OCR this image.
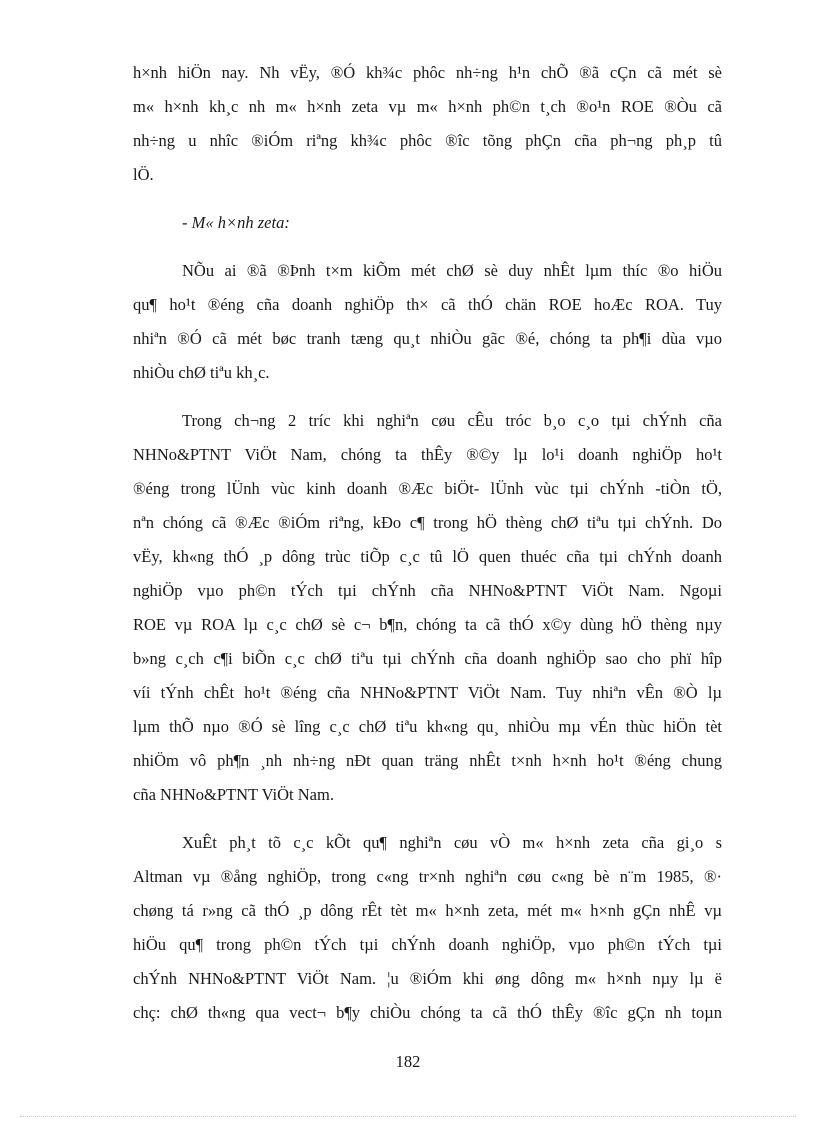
h×nh hiÖn nay. Nh vËy, ®Ó kh¾c phôc nh÷ng h¹n chÕ ®ã cÇn cã mét sè
m« h×nh kh¸c nh m« h×nh zeta vµ m« h×nh ph©n t¸ch ®o¹n ROE ®Òu cã
nh÷ng u nhîc ®iÓm riªng kh¾c phôc ®îc tõng phÇn cña ph¬ng ph¸p tû
lÖ.
- M« h×nh zeta:
NÕu ai ®ã ®Þnh t×m kiÕm mét chØ sè duy nhÊt lµm thíc ®o hiÖu
qu¶ ho¹t ®éng cña doanh nghiÖp th× cã thÓ chän ROE hoÆc ROA. Tuy
nhiªn ®Ó cã mét bøc tranh tæng qu¸t nhiÒu gãc ®é, chóng ta ph¶i dùa vµo
nhiÒu chØ tiªu kh¸c.
Trong ch¬ng 2 tríc khi nghiªn cøu cÊu tróc b¸o c¸o tµi chÝnh cña
NHNo&PTNT ViÖt Nam, chóng ta thÊy ®©y lµ lo¹i doanh nghiÖp ho¹t
®éng trong lÜnh vùc kinh doanh ®Æc biÖt- lÜnh vùc tµi chÝnh -tiÒn tÖ,
nªn chóng cã ®Æc ®iÓm riªng, kÐo c¶ trong hÖ thèng chØ tiªu tµi chÝnh. Do
vËy, kh«ng thÓ ¸p dông trùc tiÕp c¸c tû lÖ quen thuéc cña tµi chÝnh doanh
nghiÖp vµo ph©n tÝch tµi chÝnh cña NHNo&PTNT ViÖt Nam. Ngoµi
ROE vµ ROA lµ c¸c chØ sè c¬ b¶n, chóng ta cã thÓ x©y dùng hÖ thèng nµy
b»ng c¸ch c¶i biÕn c¸c chØ tiªu tµi chÝnh cña doanh nghiÖp sao cho phï hîp
víi tÝnh chÊt ho¹t ®éng cña NHNo&PTNT ViÖt Nam. Tuy nhiªn vÊn ®Ò lµ
lµm thÕ nµo ®Ó sè lîng c¸c chØ tiªu kh«ng qu¸ nhiÒu mµ vÉn thùc hiÖn tèt
nhiÖm vô ph¶n ¸nh nh÷ng nÐt quan träng nhÊt t×nh h×nh ho¹t ®éng chung
cña NHNo&PTNT ViÖt Nam.
XuÊt ph¸t tõ c¸c kÕt qu¶ nghiªn cøu vÒ m« h×nh zeta cña gi¸o s
Altman vµ ®ång nghiÖp, trong c«ng tr×nh nghiªn cøu c«ng bè n¨m 1985, ®·
chøng tá r»ng cã thÓ ¸p dông rÊt tèt m« h×nh zeta, mét m« h×nh gÇn nhÊ vµ
hiÖu qu¶ trong ph©n tÝch tµi chÝnh doanh nghiÖp, vµo ph©n tÝch tµi
chÝnh NHNo&PTNT ViÖt Nam. ¦u ®iÓm khi øng dông m« h×nh nµy lµ ë
chç: chØ th«ng qua vect¬ b¶y chiÒu chóng ta cã thÓ thÊy ®îc gÇn nh toµn
182
